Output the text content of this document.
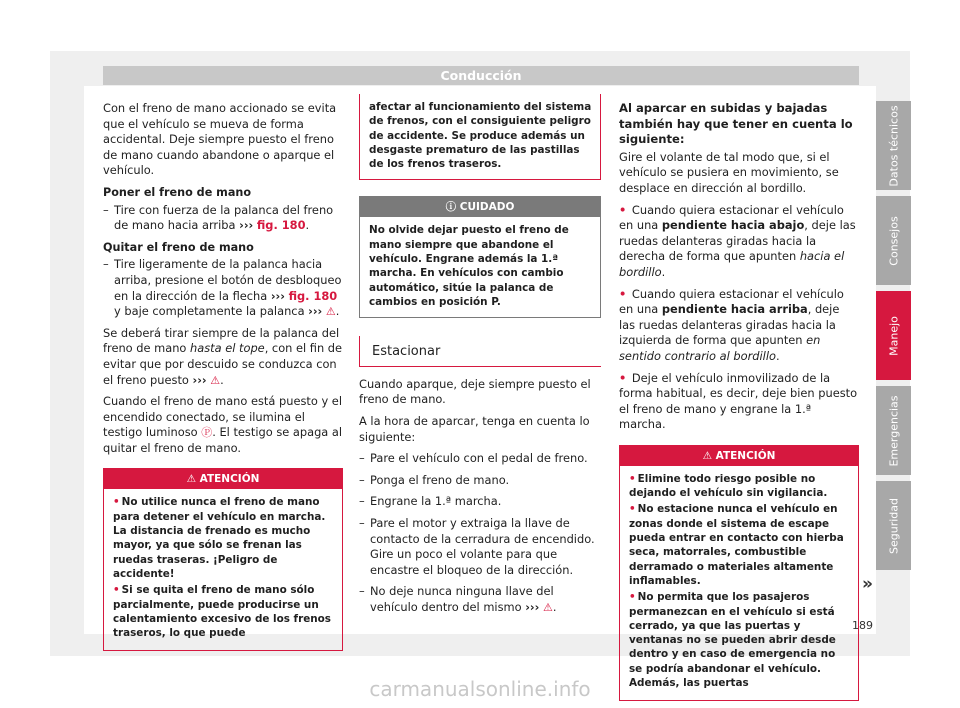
Conducción

Con el freno de mano accionado se evita que el vehículo se mueva de forma accidental. Deje siempre puesto el freno de mano cuando abandone o aparque el vehículo.

Poner el freno de mano

– Tire con fuerza de la palanca del freno de mano hacia arriba ››› fig. 180.

Quitar el freno de mano

– Tire ligeramente de la palanca hacia arriba, presione el botón de desbloqueo en la dirección de la flecha ››› fig. 180 y baje completamente la palanca ››› ⚠.

Se deberá tirar siempre de la palanca del freno de mano hasta el tope, con el fin de evitar que por descuido se conduzca con el freno puesto ››› ⚠.

Cuando el freno de mano está puesto y el encendido conectado, se ilumina el testigo luminoso Ⓟ. El testigo se apaga al quitar el freno de mano.

⚠ ATENCIÓN

• No utilice nunca el freno de mano para detener el vehículo en marcha. La distancia de frenado es mucho mayor, ya que sólo se frenan las ruedas traseras. ¡Peligro de accidente!

• Si se quita el freno de mano sólo parcialmente, puede producirse un calentamiento excesivo de los frenos traseros, lo que puede

afectar al funcionamiento del sistema de frenos, con el consiguiente peligro de accidente. Se produce además un desgaste prematuro de las pastillas de los frenos traseros.
ⓘ CUIDADO
No olvide dejar puesto el freno de mano siempre que abandone el vehículo. Engrane además la 1.ª marcha. En vehículos con cambio automático, sitúe la palanca de cambios en posición P.
Estacionar

Cuando aparque, deje siempre puesto el freno de mano.

A la hora de aparcar, tenga en cuenta lo siguiente:

– Pare el vehículo con el pedal de freno.

– Ponga el freno de mano.

– Engrane la 1.ª marcha.

– Pare el motor y extraiga la llave de contacto de la cerradura de encendido. Gire un poco el volante para que encastre el bloqueo de la dirección.

– No deje nunca ninguna llave del vehículo dentro del mismo ››› ⚠.

Al aparcar en subidas y bajadas también hay que tener en cuenta lo siguiente:

Gire el volante de tal modo que, si el vehículo se pusiera en movimiento, se desplace en dirección al bordillo.

• Cuando quiera estacionar el vehículo en una pendiente hacia abajo, deje las ruedas delanteras giradas hacia la derecha de forma que apunten hacia el bordillo.

• Cuando quiera estacionar el vehículo en una pendiente hacia arriba, deje las ruedas delanteras giradas hacia la izquierda de forma que apunten en sentido contrario al bordillo.

• Deje el vehículo inmovilizado de la forma habitual, es decir, deje bien puesto el freno de mano y engrane la 1.ª marcha.

⚠ ATENCIÓN

• Elimine todo riesgo posible no dejando el vehículo sin vigilancia.

• No estacione nunca el vehículo en zonas donde el sistema de escape pueda entrar en contacto con hierba seca, matorrales, combustible derramado o materiales altamente inflamables.

• No permita que los pasajeros permanezcan en el vehículo si está cerrado, ya que las puertas y ventanas no se pueden abrir desde dentro y en caso de emergencia no se podría abandonar el vehículo. Además, las puertas

»
Datos técnicos
Consejos
Manejo
Emergencias
Seguridad
189
carmanualsonline.info
